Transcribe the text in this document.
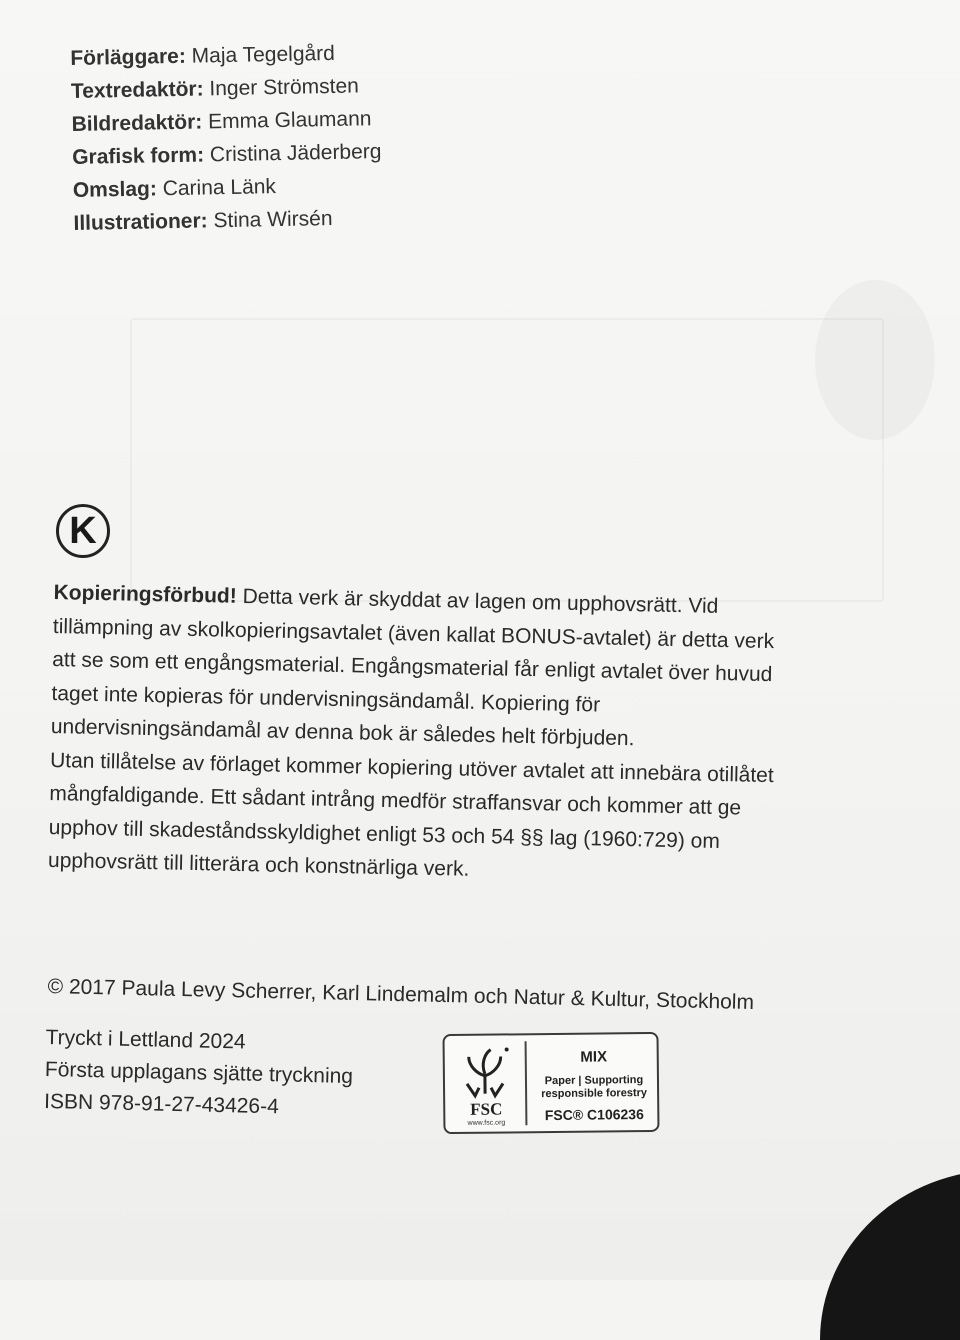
Förläggare: Maja Tegelgård
Textredaktör: Inger Strömsten
Bildredaktör: Emma Glaumann
Grafisk form: Cristina Jäderberg
Omslag: Carina Länk
Illustrationer: Stina Wirsén
K

Kopieringsförbud! Detta verk är skyddat av lagen om upphovsrätt. Vid tillämpning av skolkopieringsavtalet (även kallat BONUS-avtalet) är detta verk att se som ett engångsmaterial. Engångsmaterial får enligt avtalet över huvud taget inte kopieras för undervisningsändamål. Kopiering för undervisningsändamål av denna bok är således helt förbjuden.

Utan tillåtelse av förlaget kommer kopiering utöver avtalet att innebära otillåtet mångfaldigande. Ett sådant intrång medför straffansvar och kommer att ge upphov till skadeståndsskyldighet enligt 53 och 54 §§ lag (1960:729) om upphovsrätt till litterära och konstnärliga verk.

© 2017 Paula Levy Scherrer, Karl Lindemalm och Natur & Kultur, Stockholm
Tryckt i Lettland 2024
Första upplagans sjätte tryckning
ISBN 978-91-27-43426-4	FSC
www.fsc.org
MIX
Paper | Supporting
responsible forestry
FSC® C106236
